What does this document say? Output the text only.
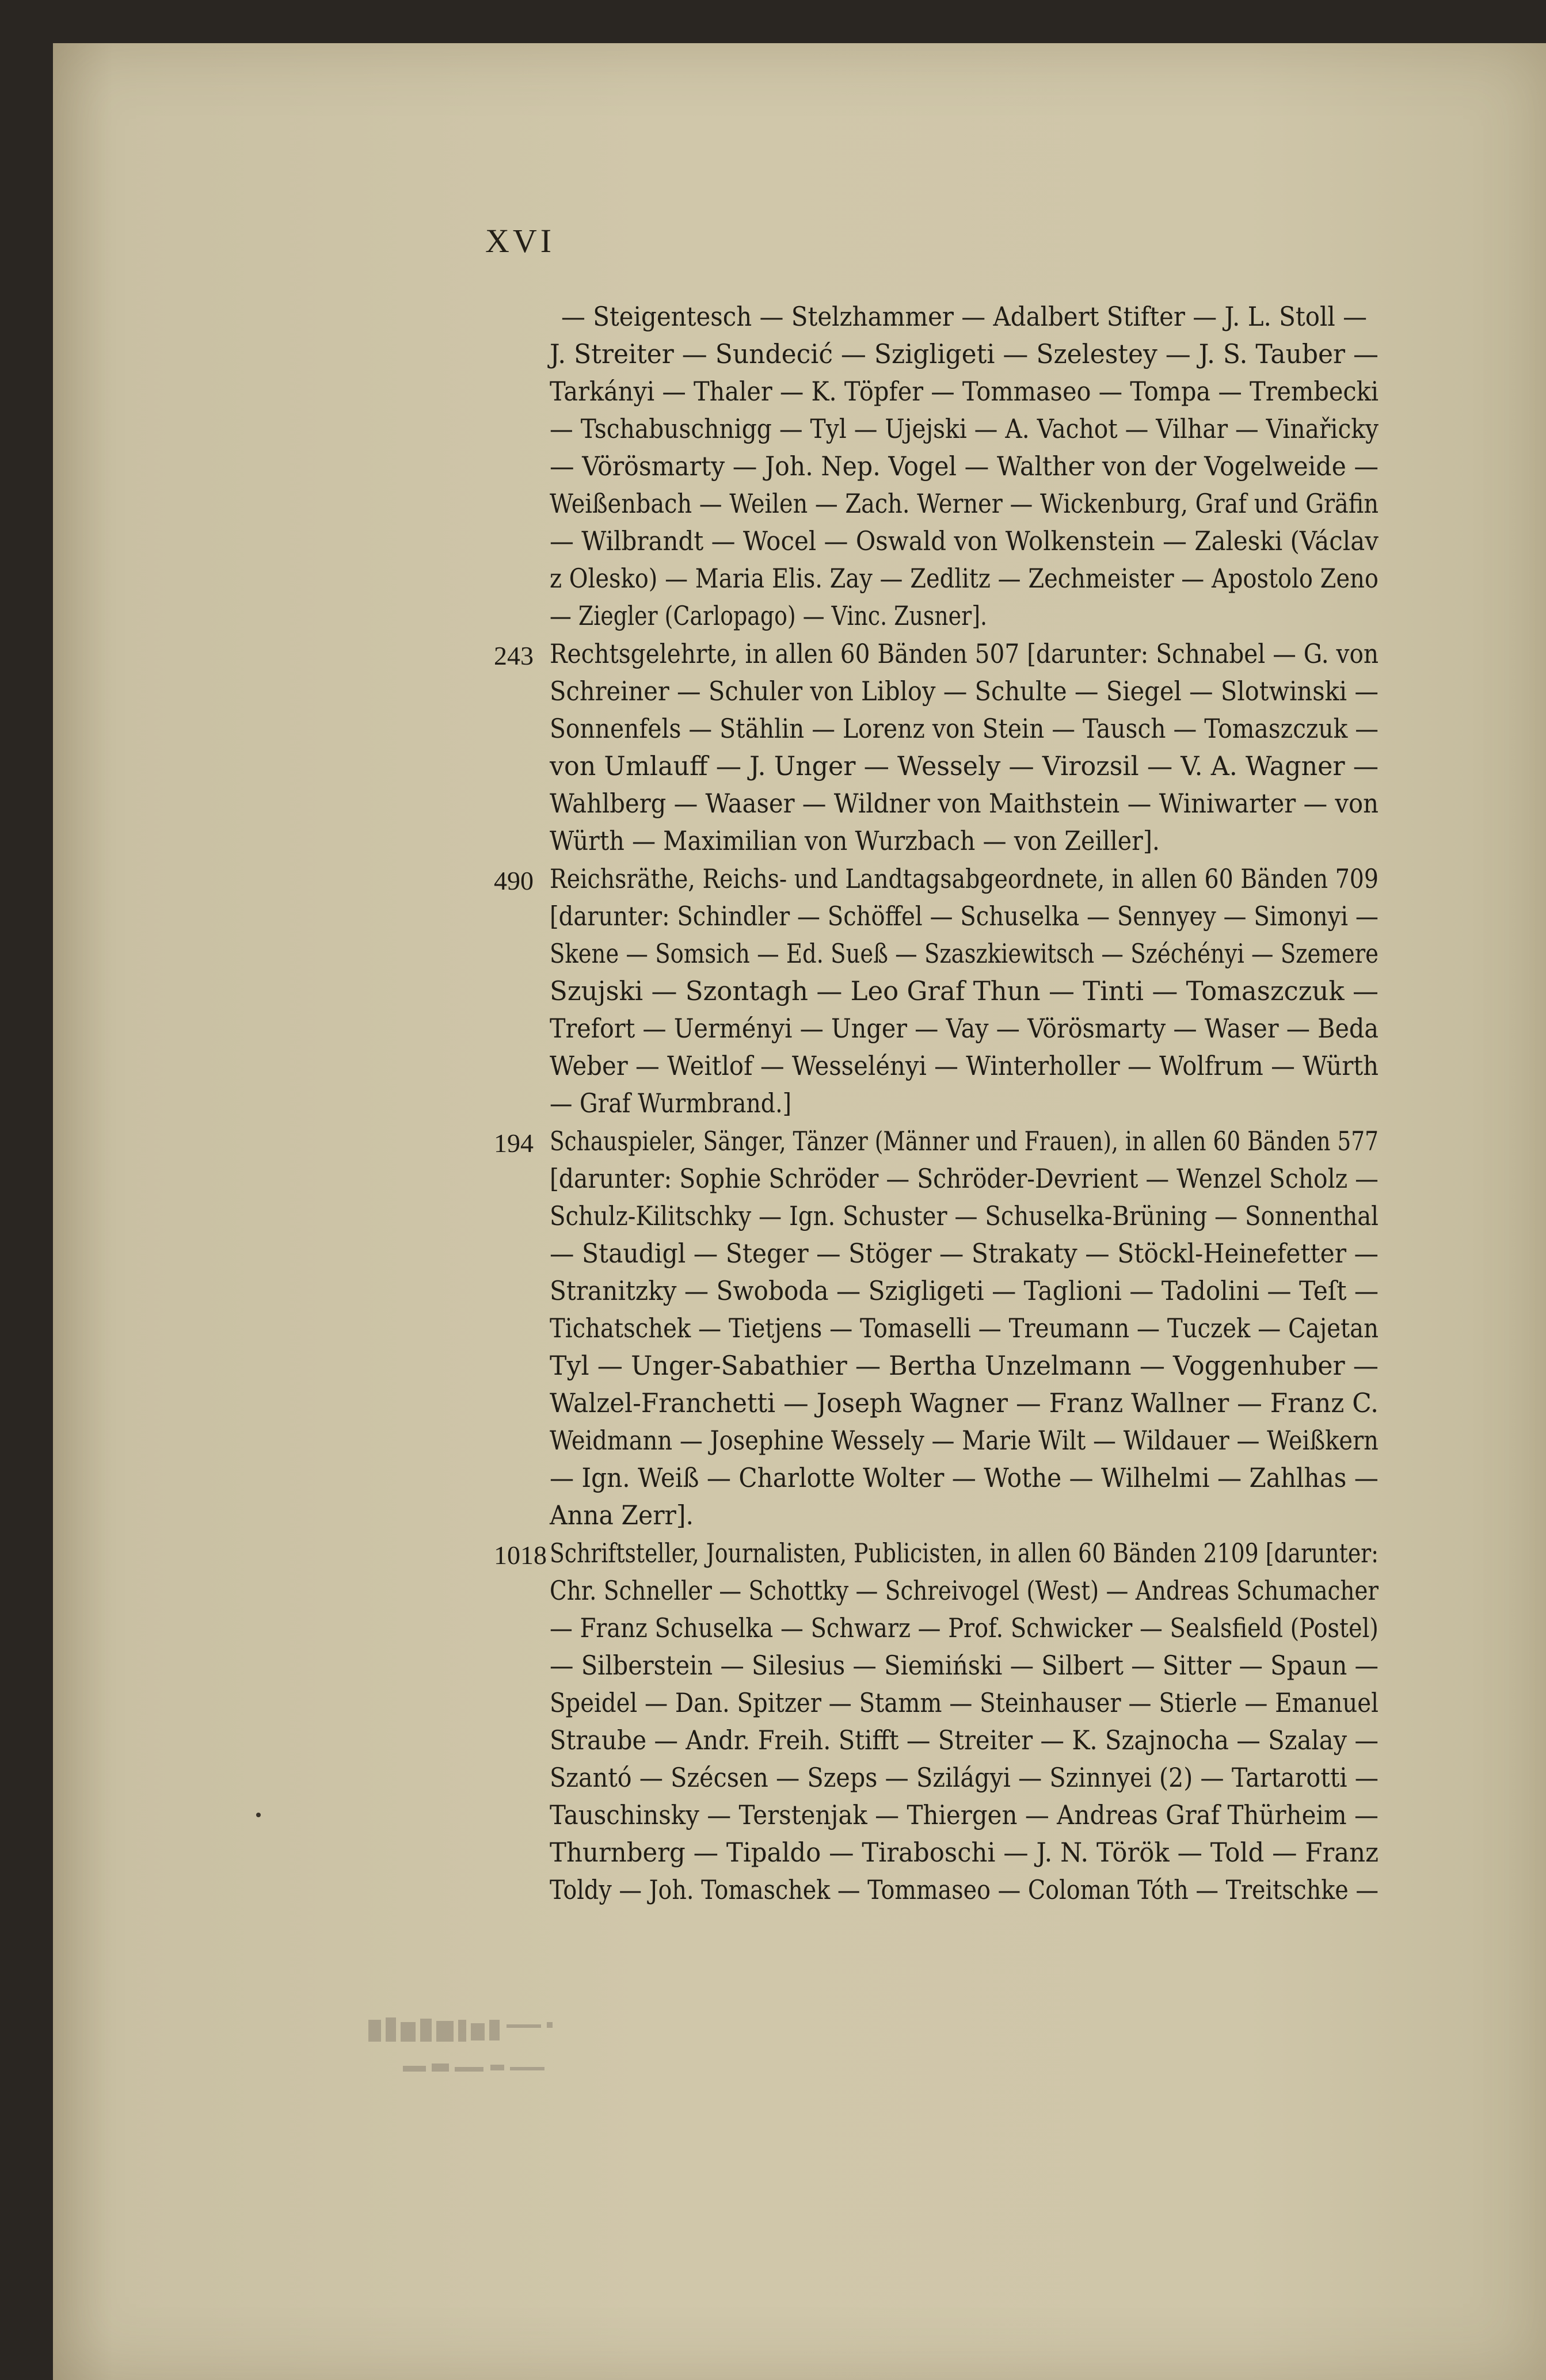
XVI
— Steigentesch — Stelzhammer — Adalbert Stifter — J. L. Stoll —
J. Streiter — Sundecić — Szigligeti — Szelestey — J. S. Tauber —
Tarkányi — Thaler — K. Töpfer — Tommaseo — Tompa — Trembecki
— Tschabuschnigg — Tyl — Ujejski — A. Vachot — Vilhar — Vinařicky
— Vörösmarty — Joh. Nep. Vogel — Walther von der Vogelweide —
Weißenbach — Weilen — Zach. Werner — Wickenburg, Graf und Gräfin
— Wilbrandt — Wocel — Oswald von Wolkenstein — Zaleski (Václav
z Olesko) — Maria Elis. Zay — Zedlitz — Zechmeister — Apostolo Zeno
— Ziegler (Carlopago) — Vinc. Zusner].
243 Rechtsgelehrte, in allen 60 Bänden 507 [darunter: Schnabel — G. von
Schreiner — Schuler von Libloy — Schulte — Siegel — Slotwinski —
Sonnenfels — Stählin — Lorenz von Stein — Tausch — Tomaszczuk —
von Umlauff — J. Unger — Wessely — Virozsil — V. A. Wagner —
Wahlberg — Waaser — Wildner von Maithstein — Winiwarter — von
Würth — Maximilian von Wurzbach — von Zeiller].
490 Reichsräthe, Reichs- und Landtagsabgeordnete, in allen 60 Bänden 709
[darunter: Schindler — Schöffel — Schuselka — Sennyey — Simonyi —
Skene — Somsich — Ed. Sueß — Szaszkiewitsch — Széchényi — Szemere
Szujski — Szontagh — Leo Graf Thun — Tinti — Tomaszczuk —
Trefort — Uerményi — Unger — Vay — Vörösmarty — Waser — Beda
Weber — Weitlof — Wesselényi — Winterholler — Wolfrum — Würth
— Graf Wurmbrand.]
194 Schauspieler, Sänger, Tänzer (Männer und Frauen), in allen 60 Bänden 577
[darunter: Sophie Schröder — Schröder-Devrient — Wenzel Scholz —
Schulz-Kilitschky — Ign. Schuster — Schuselka-Brüning — Sonnenthal
— Staudigl — Steger — Stöger — Strakaty — Stöckl-Heinefetter —
Stranitzky — Swoboda — Szigligeti — Taglioni — Tadolini — Teſt —
Tichatschek — Tietjens — Tomaselli — Treumann — Tuczek — Cajetan
Tyl — Unger-Sabathier — Bertha Unzelmann — Voggenhuber —
Walzel-Franchetti — Joseph Wagner — Franz Wallner — Franz C.
Weidmann — Josephine Wessely — Marie Wilt — Wildauer — Weißkern
— Ign. Weiß — Charlotte Wolter — Wothe — Wilhelmi — Zahlhas —
Anna Zerr].
1018 Schriftsteller, Journalisten, Publicisten, in allen 60 Bänden 2109 [darunter:
Chr. Schneller — Schottky — Schreivogel (West) — Andreas Schumacher
— Franz Schuselka — Schwarz — Prof. Schwicker — Sealsfield (Postel)
— Silberstein — Silesius — Siemiński — Silbert — Sitter — Spaun —
Speidel — Dan. Spitzer — Stamm — Steinhauser — Stierle — Emanuel
Straube — Andr. Freih. Stifft — Streiter — K. Szajnocha — Szalay —
Szantó — Szécsen — Szeps — Szilágyi — Szinnyei (2) — Tartarotti —
Tauschinsky — Terstenjak — Thiergen — Andreas Graf Thürheim —
Thurnberg — Tipaldo — Tiraboschi — J. N. Török — Told — Franz
Toldy — Joh. Tomaschek — Tommaseo — Coloman Tóth — Treitschke —
